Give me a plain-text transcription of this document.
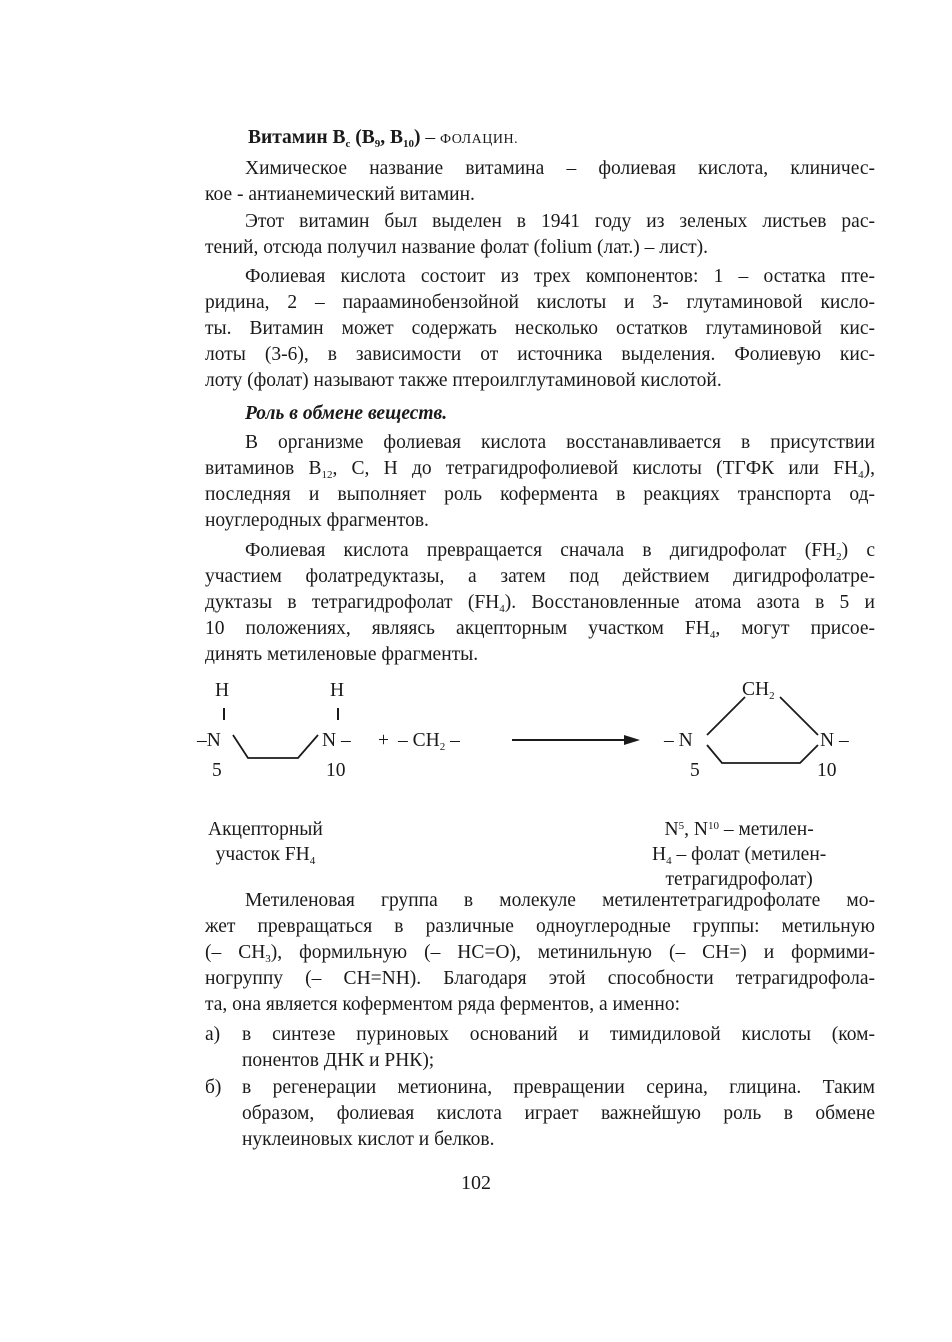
Витамин $B_c$ ($B_9$, $B_{10}$) – ФОЛАЦИН.
Химическое название витамина – фолиевая кислота, клиничес-
кое - антианемический витамин.
Этот витамин был выделен в 1941 году из зеленых листьев рас-
тений, отсюда получил название фолат (folium (лат.) – лист).
Фолиевая кислота состоит из трех компонентов: 1 – остатка пте-
ридина, 2 – парааминобензойной кислоты и 3- глутаминовой кисло-
ты. Витамин может содержать несколько остатков глутаминовой кис-
лоты (3-6), в зависимости от источника выделения. Фолиевую кис-
лоту (фолат) называют также птероилглутаминовой кислотой.
Роль в обмене веществ.
В организме фолиевая кислота восстанавливается в присутствии
витаминов $B_{12}$, C, H до тетрагидрофолиевой кислоты (ТГФК или $FH_4$),
последняя и выполняет роль кофермента в реакциях транспорта од-
ноуглеродных фрагментов.
Фолиевая кислота превращается сначала в дигидрофолат $(FH_2)$ с
участием фолатредуктазы, а затем под действием дигидрофолатре-
дуктазы в тетрагидрофолат $(FH_4)$. Восстановленные атома азота в 5 и
10 положениях, являясь акцепторным участком $FH_4$, могут присое-
динять метиленовые фрагменты.
H	H
–N	N – + – $CH_2$ –
5	10
$CH_2$
– N	N –
5	10
Акцепторный
участок $FH_4$
$N^5$, $N^{10}$ – метилен-
$H_4$ – фолат (метилен-
тетрагидрофолат)
Метиленовая группа в молекуле метилентетрагидрофолате мо-
жет превращаться в различные одноуглеродные группы: метильную
(– $CH_3$), формильную (– HC=O), метинильную (– CH=) и формими-
ногруппу (– CH=NH). Благодаря этой способности тетрагидрофола-
та, она является коферментом ряда ферментов, а именно:
а) в синтезе пуриновых оснований и тимидиловой кислоты (ком-
понентов ДНК и РНК);
б) в регенерации метионина, превращении серина, глицина. Таким
образом, фолиевая кислота играет важнейшую роль в обмене
нуклеиновых кислот и белков.
102
